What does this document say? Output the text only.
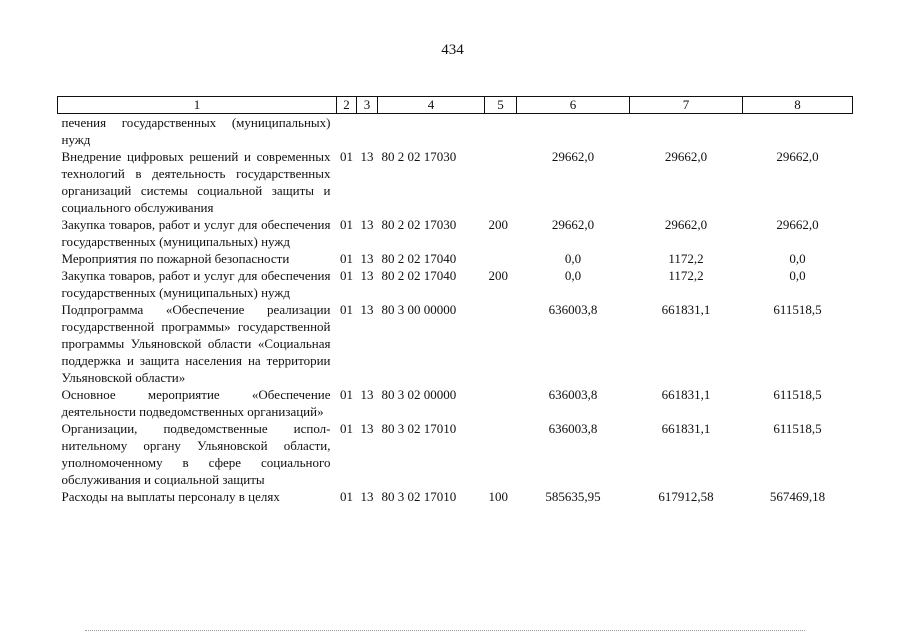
434
1	2	3	4	5	6	7	8
печения государственных (муниципальных) нужд							
Внедрение цифровых решений и современных технологий в деятельность государственных организаций системы социальной защиты и социального обслуживания	01	13	80 2 02 17030		29662,0	29662,0	29662,0
Закупка товаров, работ и услуг для обеспечения государственных (муниципальных) нужд	01	13	80 2 02 17030	200	29662,0	29662,0	29662,0
Мероприятия по пожарной безопасности	01	13	80 2 02 17040		0,0	1172,2	0,0
Закупка товаров, работ и услуг для обеспечения государственных (муниципальных) нужд	01	13	80 2 02 17040	200	0,0	1172,2	0,0
Подпрограмма «Обеспечение реализации государственной программы» государственной программы Ульяновской области «Социальная поддержка и защита населения на территории Ульяновской области»	01	13	80 3 00 00000		636003,8	661831,1	611518,5
Основное мероприятие «Обеспечение деятельности подведомственных организаций»	01	13	80 3 02 00000		636003,8	661831,1	611518,5
Организации, подведомственные исполнительному органу Ульяновской области, уполномоченному в сфере социального обслуживания и социальной защиты	01	13	80 3 02 17010		636003,8	661831,1	611518,5
Расходы на выплаты персоналу в целях	01	13	80 3 02 17010	100	585635,95	617912,58	567469,18
